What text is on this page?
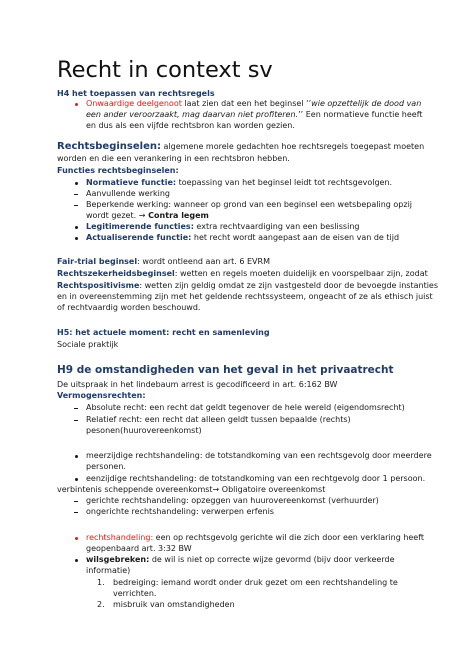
Recht in context sv
H4 het toepassen van rechtsregels
Onwaardige deelgenoot laat zien dat een het beginsel ‘’wie opzettelijk de dood van
een ander veroorzaakt, mag daarvan niet profiteren.’’ Een normatieve functie heeft
en dus als een vijfde rechtsbron kan worden gezien.
Rechtsbeginselen: algemene morele gedachten hoe rechtsregels toegepast moeten
worden en die een verankering in een rechtsbron hebben.
Functies rechtsbeginselen:
Normatieve functie: toepassing van het beginsel leidt tot rechtsgevolgen.
Aanvullende werking
Beperkende werking: wanneer op grond van een beginsel een wetsbepaling opzij
wordt gezet. → Contra legem
Legitimerende functies: extra rechtvaardiging van een beslissing
Actualiserende functie: het recht wordt aangepast aan de eisen van de tijd
Fair-trial beginsel: wordt ontleend aan art. 6 EVRM
Rechtszekerheidsbeginsel: wetten en regels moeten duidelijk en voorspelbaar zijn, zodat
Rechtspositivisme: wetten zijn geldig omdat ze zijn vastgesteld door de bevoegde instanties
en in overeenstemming zijn met het geldende rechtssysteem, ongeacht of ze als ethisch juist
of rechtvaardig worden beschouwd.
H5: het actuele moment: recht en samenleving
Sociale praktijk
H9 de omstandigheden van het geval in het privaatrecht
De uitspraak in het lindebaum arrest is gecodificeerd in art. 6:162 BW
Vermogensrechten:
Absolute recht: een recht dat geldt tegenover de hele wereld (eigendomsrecht)
Relatief recht: een recht dat alleen geldt tussen bepaalde (rechts)
pesonen(huurovereenkomst)
meerzijdige rechtshandeling: de totstandkoming van een rechtsgevolg door meerdere
personen.
eenzijdige rechtshandeling: de totstandkoming van een rechtgevolg door 1 persoon.
verbintenis scheppende overeenkomst→ Obligatoire overeenkomst
gerichte rechtshandeling: opzeggen van huurovereenkomst (verhuurder)
ongerichte rechtshandeling: verwerpen erfenis
rechtshandeling: een op rechtsgevolg gerichte wil die zich door een verklaring heeft
geopenbaard art. 3:32 BW
wilsgebreken: de wil is niet op correcte wijze gevormd (bijv door verkeerde
informatie)
1. bedreiging: iemand wordt onder druk gezet om een rechtshandeling te
verrichten.
2. misbruik van omstandigheden
